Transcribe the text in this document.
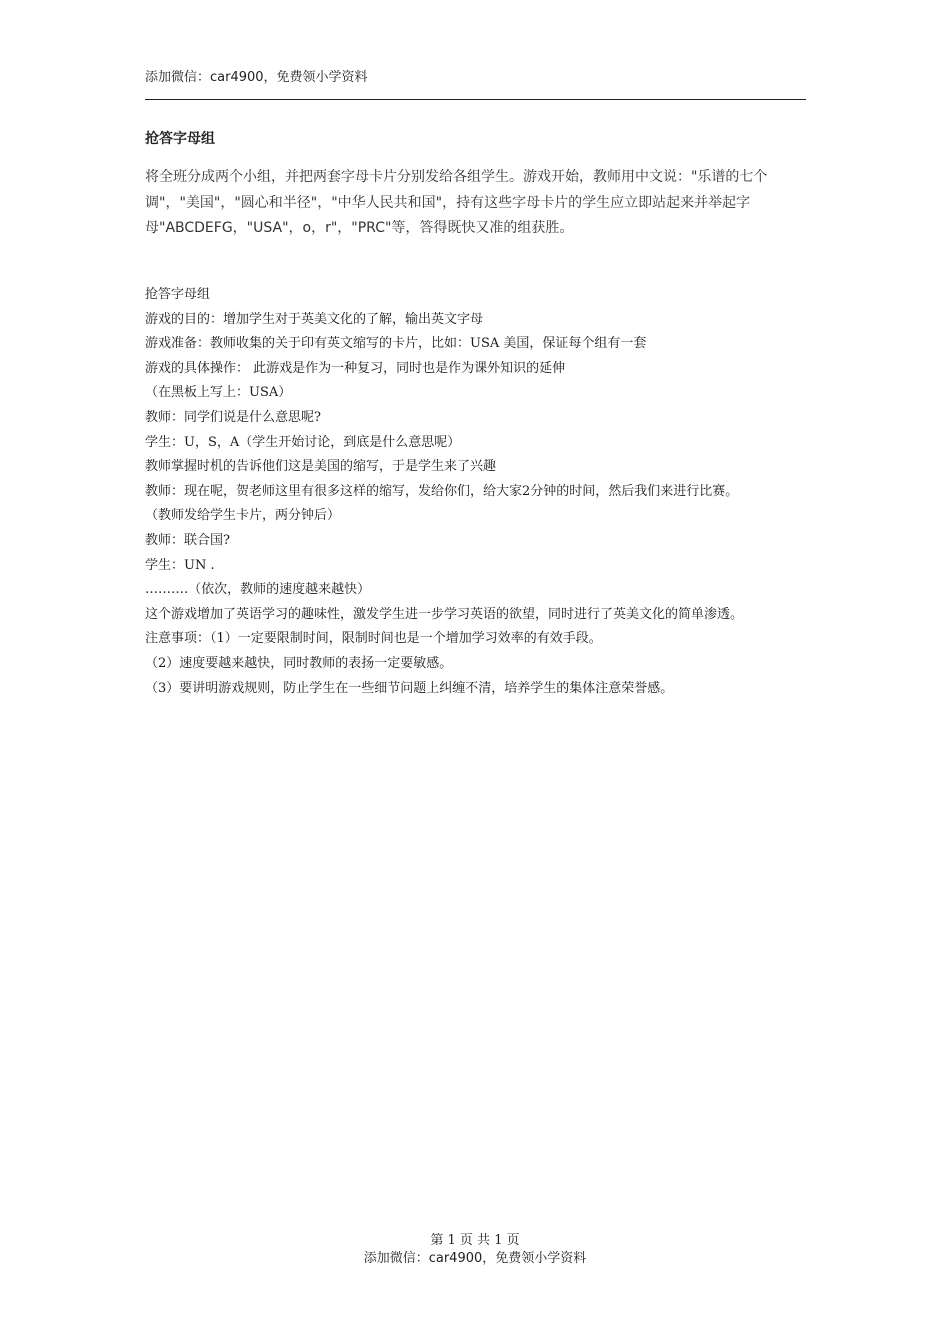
添加微信：car4900，免费领小学资料
抢答字母组

将全班分成两个小组，并把两套字母卡片分别发给各组学生。游戏开始，教师用中文说："乐谱的七个调"，"美国"，"圆心和半径"，"中华人民共和国"，持有这些字母卡片的学生应立即站起来并举起字母"ABCDEFG，"USA"，o，r"，"PRC"等，答得既快又准的组获胜。

抢答字母组
游戏的目的：增加学生对于英美文化的了解，输出英文字母
游戏准备：教师收集的关于印有英文缩写的卡片，比如：USA 美国，保证每个组有一套
游戏的具体操作： 此游戏是作为一种复习，同时也是作为课外知识的延伸
（在黑板上写上：USA）
教师：同学们说是什么意思呢?
学生：U，S，A（学生开始讨论，到底是什么意思呢）
教师掌握时机的告诉他们这是美国的缩写，于是学生来了兴趣
教师：现在呢，贺老师这里有很多这样的缩写，发给你们，给大家2分钟的时间，然后我们来进行比赛。
（教师发给学生卡片，两分钟后）
教师：联合国?
学生：UN .
……….（依次，教师的速度越来越快）
这个游戏增加了英语学习的趣味性，激发学生进一步学习英语的欲望，同时进行了英美文化的简单渗透。
注意事项：（1）一定要限制时间，限制时间也是一个增加学习效率的有效手段。
（2）速度要越来越快，同时教师的表扬一定要敏感。
（3）要讲明游戏规则，防止学生在一些细节问题上纠缠不清，培养学生的集体注意荣誉感。
第 1 页 共 1 页
添加微信：car4900，免费领小学资料
